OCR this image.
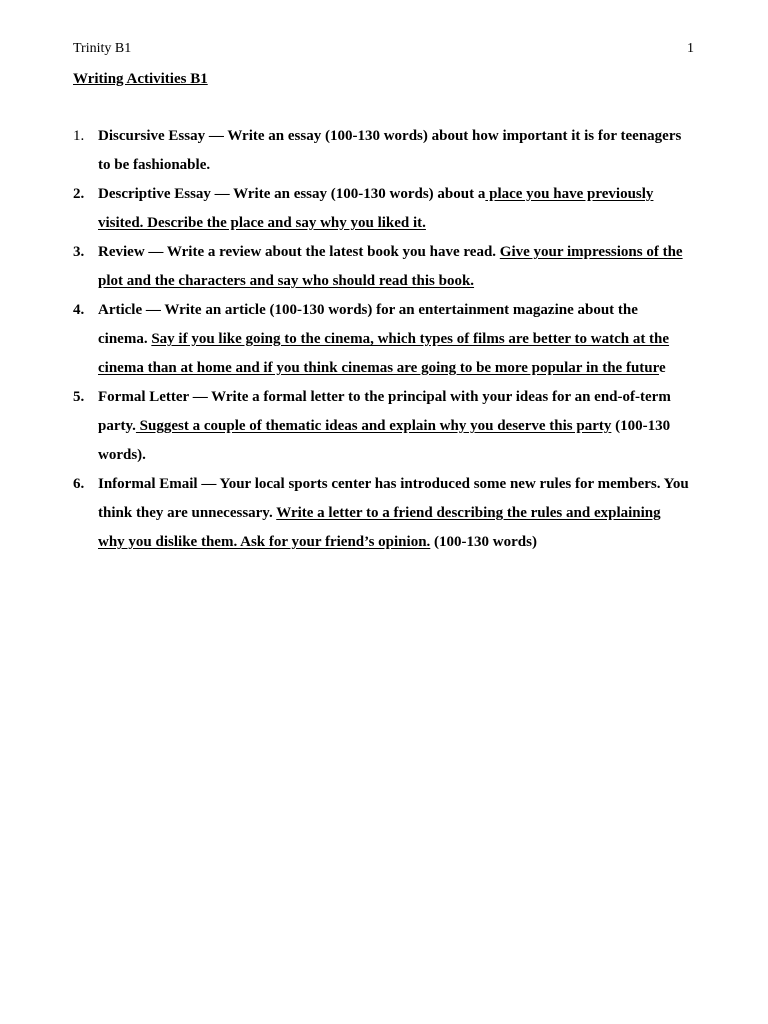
Trinity B1	1
Writing Activities B1
1. Discursive Essay — Write an essay (100-130 words) about how important it is for teenagers to be fashionable.
2. Descriptive Essay — Write an essay (100-130 words) about a place you have previously visited. Describe the place and say why you liked it.
3. Review — Write a review about the latest book you have read. Give your impressions of the plot and the characters and say who should read this book.
4. Article — Write an article (100-130 words) for an entertainment magazine about the cinema. Say if you like going to the cinema, which types of films are better to watch at the cinema than at home and if you think cinemas are going to be more popular in the future
5. Formal Letter — Write a formal letter to the principal with your ideas for an end-of-term party. Suggest a couple of thematic ideas and explain why you deserve this party (100-130 words).
6. Informal Email — Your local sports center has introduced some new rules for members. You think they are unnecessary. Write a letter to a friend describing the rules and explaining why you dislike them. Ask for your friend’s opinion. (100-130 words)
